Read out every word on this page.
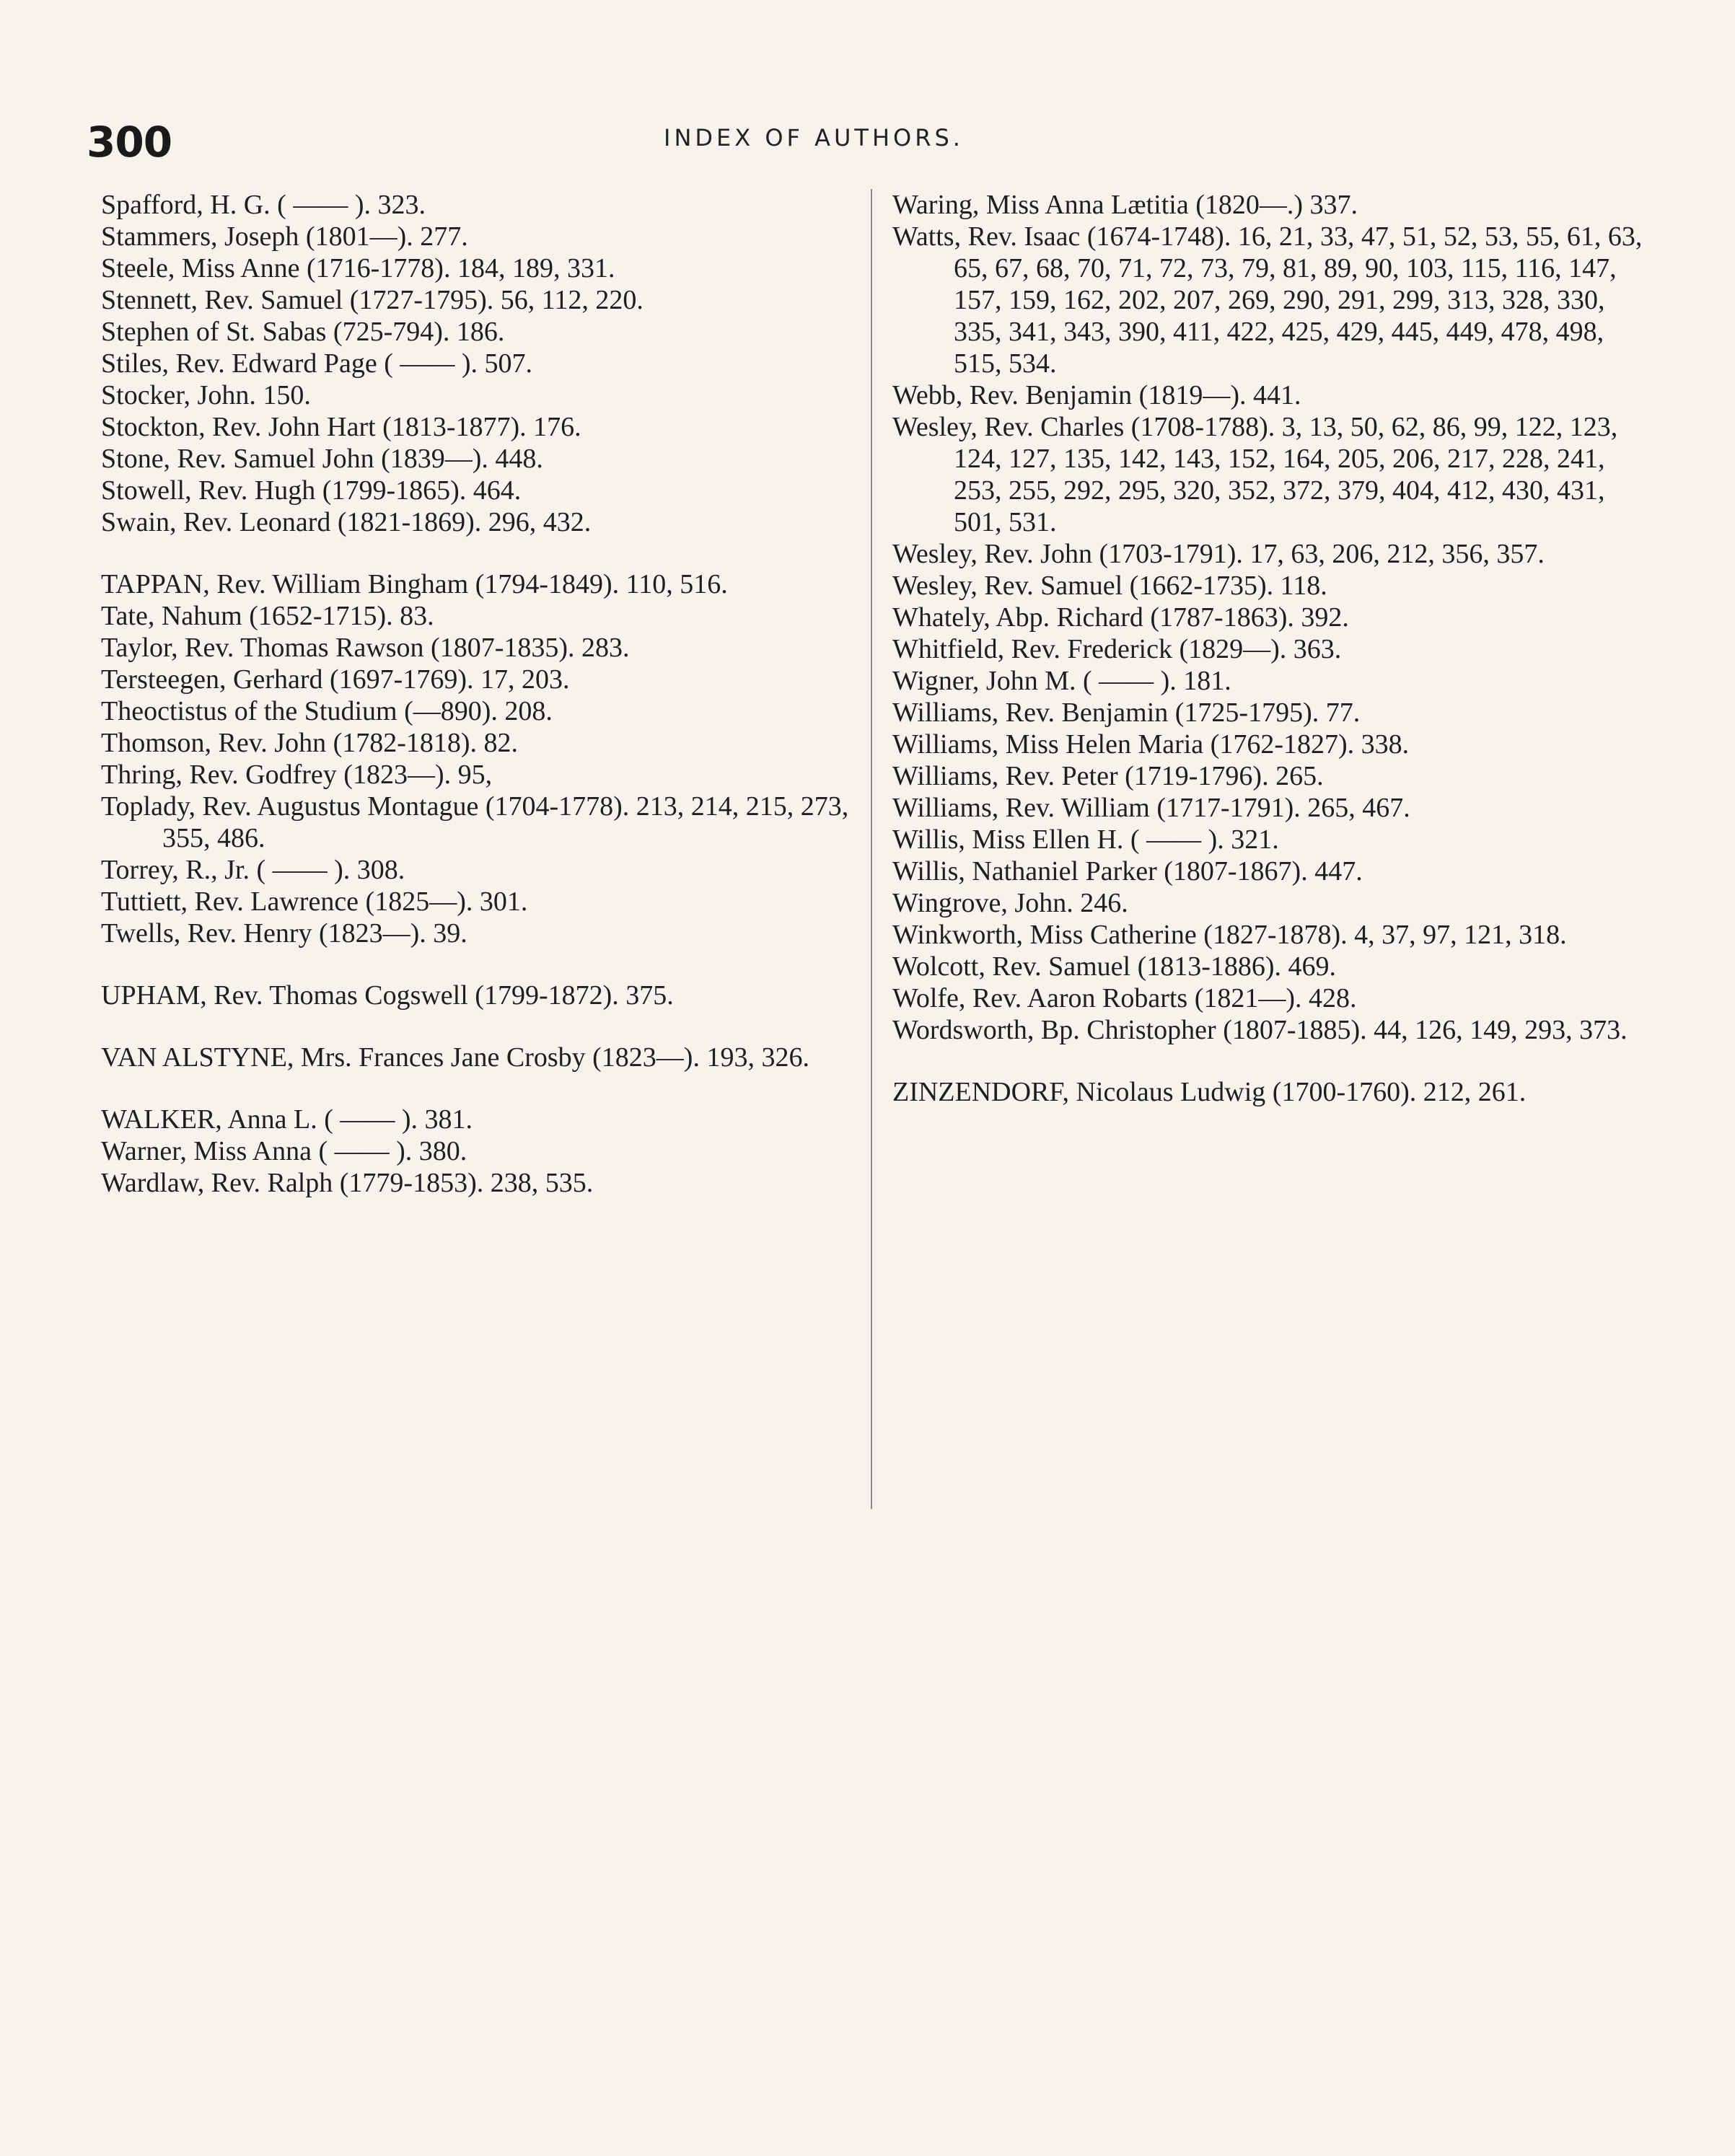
300	INDEX OF AUTHORS.

Spafford, H. G. ( —— ). 323.

Stammers, Joseph (1801—). 277.

Steele, Miss Anne (1716-1778). 184, 189, 331.

Stennett, Rev. Samuel (1727-1795). 56, 112, 220.

Stephen of St. Sabas (725-794). 186.

Stiles, Rev. Edward Page ( —— ). 507.

Stocker, John. 150.

Stockton, Rev. John Hart (1813-1877). 176.

Stone, Rev. Samuel John (1839—). 448.

Stowell, Rev. Hugh (1799-1865). 464.

Swain, Rev. Leonard (1821-1869). 296, 432.

TAPPAN, Rev. William Bingham (1794-1849). 110, 516.

Tate, Nahum (1652-1715). 83.

Taylor, Rev. Thomas Rawson (1807-1835). 283.

Tersteegen, Gerhard (1697-1769). 17, 203.

Theoctistus of the Studium (—890). 208.

Thomson, Rev. John (1782-1818). 82.

Thring, Rev. Godfrey (1823—). 95,

Toplady, Rev. Augustus Montague (1704-1778). 213, 214, 215, 273, 355, 486.

Torrey, R., Jr. ( —— ). 308.

Tuttiett, Rev. Lawrence (1825—). 301.

Twells, Rev. Henry (1823—). 39.

UPHAM, Rev. Thomas Cogswell (1799-1872). 375.

VAN ALSTYNE, Mrs. Frances Jane Crosby (1823—). 193, 326.

WALKER, Anna L. ( —— ). 381.

Warner, Miss Anna ( —— ). 380.

Wardlaw, Rev. Ralph (1779-1853). 238, 535.

Waring, Miss Anna Lætitia (1820—.) 337.

Watts, Rev. Isaac (1674-1748). 16, 21, 33, 47, 51, 52, 53, 55, 61, 63, 65, 67, 68, 70, 71, 72, 73, 79, 81, 89, 90, 103, 115, 116, 147, 157, 159, 162, 202, 207, 269, 290, 291, 299, 313, 328, 330, 335, 341, 343, 390, 411, 422, 425, 429, 445, 449, 478, 498, 515, 534.

Webb, Rev. Benjamin (1819—). 441.

Wesley, Rev. Charles (1708-1788). 3, 13, 50, 62, 86, 99, 122, 123, 124, 127, 135, 142, 143, 152, 164, 205, 206, 217, 228, 241, 253, 255, 292, 295, 320, 352, 372, 379, 404, 412, 430, 431, 501, 531.

Wesley, Rev. John (1703-1791). 17, 63, 206, 212, 356, 357.

Wesley, Rev. Samuel (1662-1735). 118.

Whately, Abp. Richard (1787-1863). 392.

Whitfield, Rev. Frederick (1829—). 363.

Wigner, John M. ( —— ). 181.

Williams, Rev. Benjamin (1725-1795). 77.

Williams, Miss Helen Maria (1762-1827). 338.

Williams, Rev. Peter (1719-1796). 265.

Williams, Rev. William (1717-1791). 265, 467.

Willis, Miss Ellen H. ( —— ). 321.

Willis, Nathaniel Parker (1807-1867). 447.

Wingrove, John. 246.

Winkworth, Miss Catherine (1827-1878). 4, 37, 97, 121, 318.

Wolcott, Rev. Samuel (1813-1886). 469.

Wolfe, Rev. Aaron Robarts (1821—). 428.

Wordsworth, Bp. Christopher (1807-1885). 44, 126, 149, 293, 373.

ZINZENDORF, Nicolaus Ludwig (1700-1760). 212, 261.
